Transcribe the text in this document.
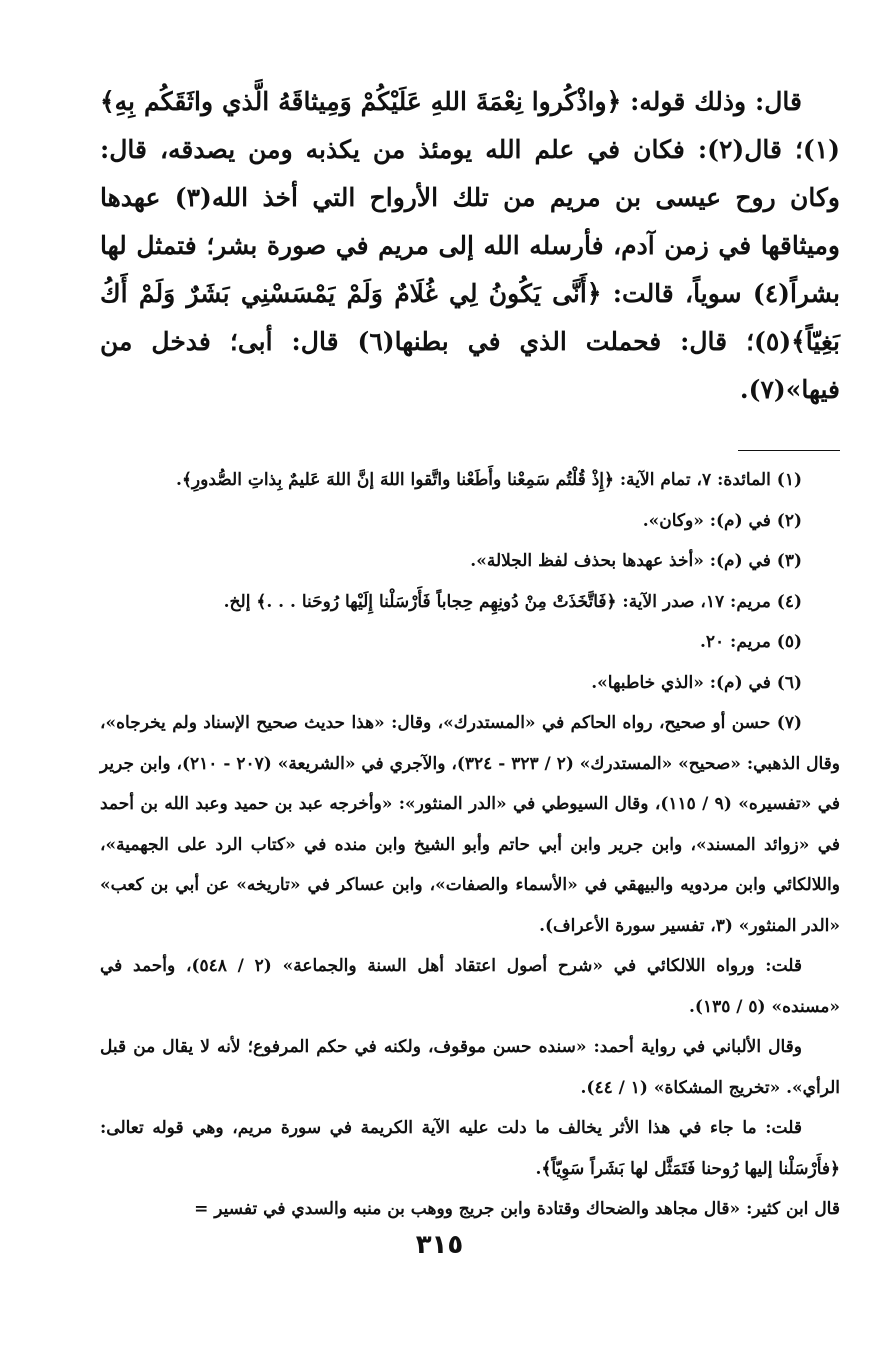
قال: وذلك قوله: ﴿واذْكُروا نِعْمَةَ اللهِ عَلَيْكُمْ وَمِيثاقَهُ الَّذي واثَقَكُم بِهِ﴾(١)؛ قال(٢): فكان في علم الله يومئذ من يكذبه ومن يصدقه، قال: وكان روح عيسى بن مريم من تلك الأرواح التي أخذ الله(٣) عهدها وميثاقها في زمن آدم، فأرسله الله إلى مريم في صورة بشر؛ فتمثل لها بشراً(٤) سوياً، قالت: ﴿أَنَّى يَكُونُ لِي غُلَامٌ وَلَمْ يَمْسَسْنِي بَشَرٌ وَلَمْ أَكُ بَغِيّاً﴾(٥)؛ قال: فحملت الذي في بطنها(٦) قال: أبى؛ فدخل من فيها»(٧).

(١) المائدة: ٧، تمام الآية: ﴿إِذْ قُلْتُم سَمِعْنا وأَطَعْنا واتَّقوا اللهَ إنَّ اللهَ عَليمٌ بِذاتِ الصُّدورِ﴾.

(٢) في (م): «وكان».

(٣) في (م): «أخذ عهدها بحذف لفظ الجلالة».

(٤) مريم: ١٧، صدر الآية: ﴿فَاتَّخَذَتْ مِنْ دُونِهِم حِجاباً فَأَرْسَلْنا إِلَيْها رُوحَنا . . .﴾ إلخ.

(٥) مريم: ٢٠.

(٦) في (م): «الذي خاطبها».

(٧) حسن أو صحيح، رواه الحاكم في «المستدرك»، وقال: «هذا حديث صحيح الإسناد ولم يخرجاه»، وقال الذهبي: «صحيح» «المستدرك» (٢ / ٣٢٣ - ٣٢٤)، والآجري في «الشريعة» (٢٠٧ - ٢١٠)، وابن جرير في «تفسيره» (٩ / ١١٥)، وقال السيوطي في «الدر المنثور»: «وأخرجه عبد بن حميد وعبد الله بن أحمد في «زوائد المسند»، وابن جرير وابن أبي حاتم وأبو الشيخ وابن منده في «كتاب الرد على الجهمية»، واللالكائي وابن مردويه والبيهقي في «الأسماء والصفات»، وابن عساكر في «تاريخه» عن أبي بن كعب» «الدر المنثور» (٣، تفسير سورة الأعراف).

قلت: ورواه اللالكائي في «شرح أصول اعتقاد أهل السنة والجماعة» (٢ / ٥٤٨)، وأحمد في «مسنده» (٥ / ١٣٥).

وقال الألباني في رواية أحمد: «سنده حسن موقوف، ولكنه في حكم المرفوع؛ لأنه لا يقال من قبل الرأي». «تخريج المشكاة» (١ / ٤٤).

قلت: ما جاء في هذا الأثر يخالف ما دلت عليه الآية الكريمة في سورة مريم، وهي قوله تعالى: ﴿فأَرْسَلْنا إليها رُوحنا فَتَمَثَّل لها بَشَراً سَوِيّاً﴾.

قال ابن كثير: «قال مجاهد والضحاك وقتادة وابن جريج ووهب بن منبه والسدي في تفسير =

٣١٥
